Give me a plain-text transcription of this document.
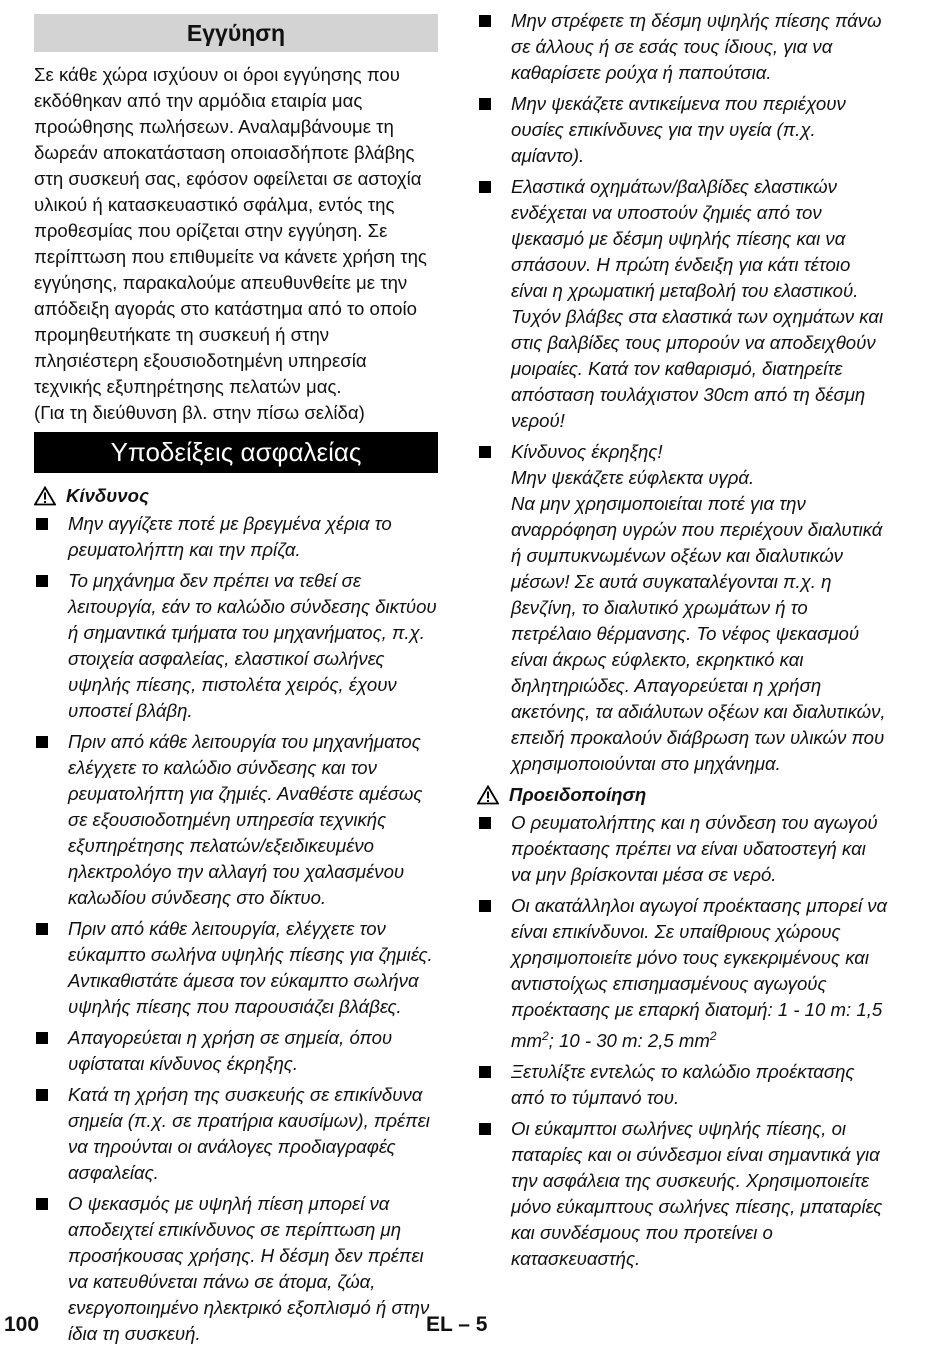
Εγγύηση

Σε κάθε χώρα ισχύουν οι όροι εγγύησης που εκδόθηκαν από την αρμόδια εταιρία μας προώθησης πωλήσεων. Αναλαμβάνουμε τη δωρεάν αποκατάσταση οποιασδήποτε βλάβης στη συσκευή σας, εφόσον οφείλεται σε αστοχία υλικού ή κατασκευαστικό σφάλμα, εντός της προθεσμίας που ορίζεται στην εγγύηση. Σε περίπτωση που επιθυμείτε να κάνετε χρήση της εγγύησης, παρακαλούμε απευθυνθείτε με την απόδειξη αγοράς στο κατάστημα από το οποίο προμηθευτήκατε τη συσκευή ή στην πλησιέστερη εξουσιοδοτημένη υπηρεσία τεχνικής εξυπηρέτησης πελατών μας.

(Για τη διεύθυνση βλ. στην πίσω σελίδα)

Υποδείξεις ασφαλείας
Κίνδυνος
Μην αγγίζετε ποτέ με βρεγμένα χέρια το ρευματολήπτη και την πρίζα.
Το μηχάνημα δεν πρέπει να τεθεί σε λειτουργία, εάν το καλώδιο σύνδεσης δικτύου ή σημαντικά τμήματα του μηχανήματος, π.χ. στοιχεία ασφαλείας, ελαστικοί σωλήνες υψηλής πίεσης, πιστολέτα χειρός, έχουν υποστεί βλάβη.
Πριν από κάθε λειτουργία του μηχανήματος ελέγχετε το καλώδιο σύνδεσης και τον ρευματολήπτη για ζημιές. Αναθέστε αμέσως σε εξουσιοδοτημένη υπηρεσία τεχνικής εξυπηρέτησης πελατών/εξειδικευμένο ηλεκτρολόγο την αλλαγή του χαλασμένου καλωδίου σύνδεσης στο δίκτυο.
Πριν από κάθε λειτουργία, ελέγχετε τον εύκαμπτο σωλήνα υψηλής πίεσης για ζημιές. Αντικαθιστάτε άμεσα τον εύκαμπτο σωλήνα υψηλής πίεσης που παρουσιάζει βλάβες.
Απαγορεύεται η χρήση σε σημεία, όπου υφίσταται κίνδυνος έκρηξης.
Κατά τη χρήση της συσκευής σε επικίνδυνα σημεία (π.χ. σε πρατήρια καυσίμων), πρέπει να τηρούνται οι ανάλογες προδιαγραφές ασφαλείας.
Ο ψεκασμός με υψηλή πίεση μπορεί να αποδειχτεί επικίνδυνος σε περίπτωση μη προσήκουσας χρήσης. Η δέσμη δεν πρέπει να κατευθύνεται πάνω σε άτομα, ζώα, ενεργοποιημένο ηλεκτρικό εξοπλισμό ή στην ίδια τη συσκευή.
Μην στρέφετε τη δέσμη υψηλής πίεσης πάνω σε άλλους ή σε εσάς τους ίδιους, για να καθαρίσετε ρούχα ή παπούτσια.
Μην ψεκάζετε αντικείμενα που περιέχουν ουσίες επικίνδυνες για την υγεία (π.χ. αμίαντο).
Ελαστικά οχημάτων/βαλβίδες ελαστικών ενδέχεται να υποστούν ζημιές από τον ψεκασμό με δέσμη υψηλής πίεσης και να σπάσουν. Η πρώτη ένδειξη για κάτι τέτοιο είναι η χρωματική μεταβολή του ελαστικού. Τυχόν βλάβες στα ελαστικά των οχημάτων και στις βαλβίδες τους μπορούν να αποδειχθούν μοιραίες. Κατά τον καθαρισμό, διατηρείτε απόσταση τουλάχιστον 30cm από τη δέσμη νερού!
Κίνδυνος έκρηξης!
Μην ψεκάζετε εύφλεκτα υγρά.
Να μην χρησιμοποιείται ποτέ για την αναρρόφηση υγρών που περιέχουν διαλυτικά ή συμπυκνωμένων οξέων και διαλυτικών μέσων! Σε αυτά συγκαταλέγονται π.χ. η βενζίνη, το διαλυτικό χρωμάτων ή το πετρέλαιο θέρμανσης. Το νέφος ψεκασμού είναι άκρως εύφλεκτο, εκρηκτικό και δηλητηριώδες. Απαγορεύεται η χρήση ακετόνης, τα αδιάλυτων οξέων και διαλυτικών, επειδή προκαλούν διάβρωση των υλικών που χρησιμοποιούνται στο μηχάνημα.
Προειδοποίηση
Ο ρευματολήπτης και η σύνδεση του αγωγού προέκτασης πρέπει να είναι υδατοστεγή και να μην βρίσκονται μέσα σε νερό.
Οι ακατάλληλοι αγωγοί προέκτασης μπορεί να είναι επικίνδυνοι. Σε υπαίθριους χώρους χρησιμοποιείτε μόνο τους εγκεκριμένους και αντιστοίχως επισημασμένους αγωγούς προέκτασης με επαρκή διατομή: 1 - 10 m: 1,5 $mm^2$; 10 - 30 m: 2,5 $mm^2$
Ξετυλίξτε εντελώς το καλώδιο προέκτασης από το τύμπανό του.
Οι εύκαμπτοι σωλήνες υψηλής πίεσης, οι παταρίες και οι σύνδεσμοι είναι σημαντικά για την ασφάλεια της συσκευής. Χρησιμοποιείτε μόνο εύκαμπτους σωλήνες πίεσης, μπαταρίες και συνδέσμους που προτείνει ο κατασκευαστής.
100	EL – 5
